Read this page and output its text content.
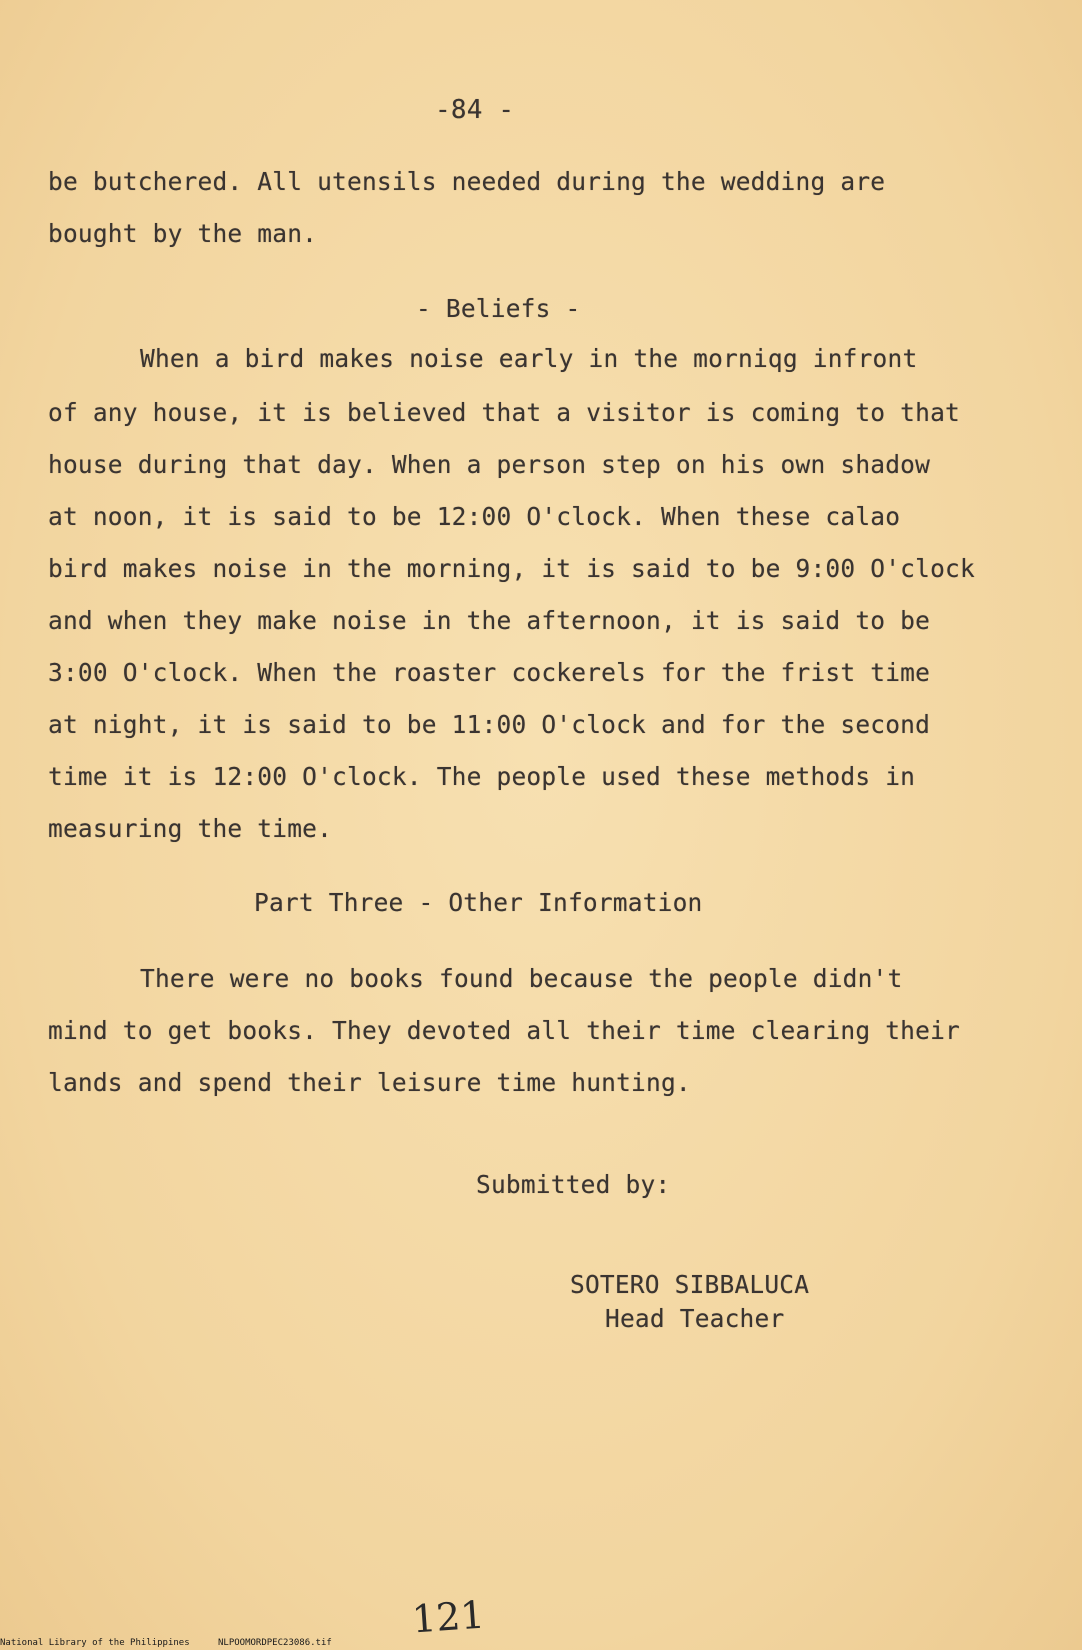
-84 -
be butchered. All utensils needed during the wedding are
bought by the man.
- Beliefs -
When a bird makes noise early in the morniqg infront
of any house, it is believed that a visitor is coming to that
house during that day. When a person step on his own shadow
at noon, it is said to be 12:00 O'clock. When these calao
bird makes noise in the morning, it is said to be 9:00 O'clock
and when they make noise in the afternoon, it is said to be
3:00 O'clock. When the roaster cockerels for the frist time
at night, it is said to be 11:00 O'clock and for the second
time it is 12:00 O'clock. The people used these methods in
measuring the time.
Part Three - Other Information
There were no books found because the people didn't
mind to get books. They devoted all their time clearing their
lands and spend their leisure time hunting.
Submitted by:
SOTERO SIBBALUCA
Head Teacher
121

National Library of the Philippines

	NLPOOMORDPEC23086.tif
